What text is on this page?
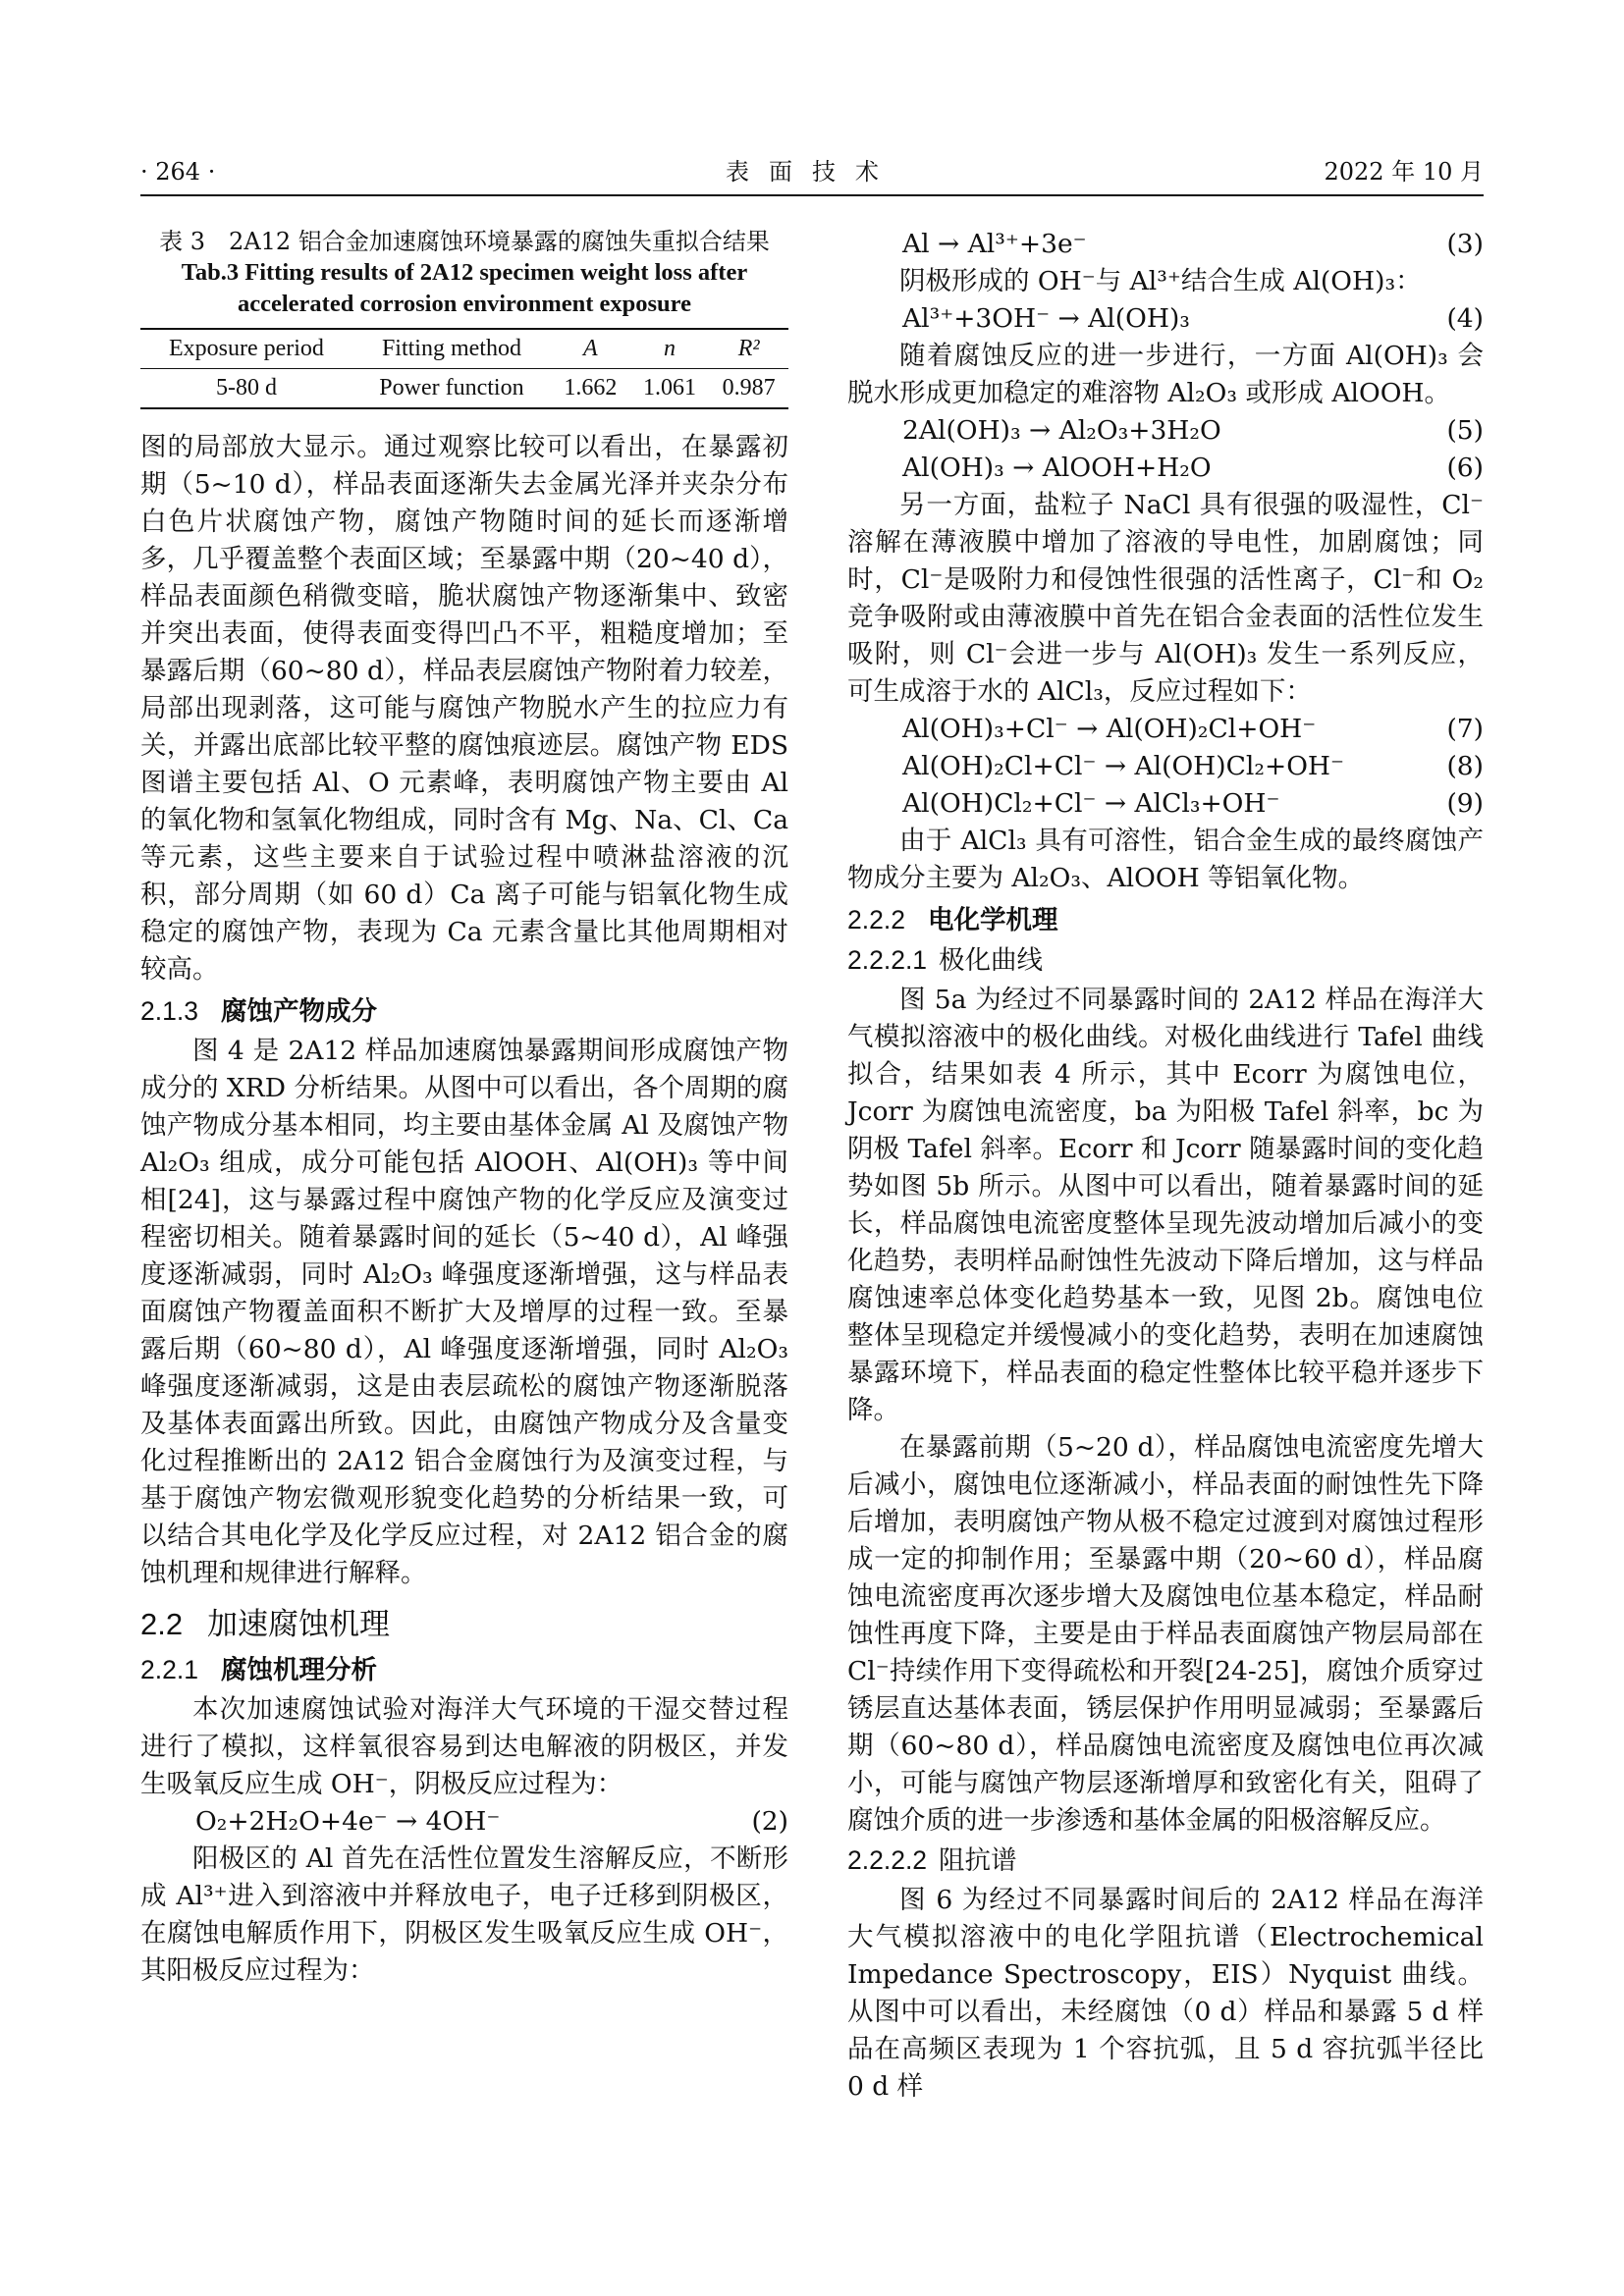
· 264 ·	表面技术	2022 年 10 月

表 3　2A12 铝合金加速腐蚀环境暴露的腐蚀失重拟合结果

Tab.3 Fitting results of 2A12 specimen weight loss after

accelerated corrosion environment exposure

Exposure period	Fitting method	A	n	R²
5-80 d	Power function	1.662	1.061	0.987

图的局部放大显示。通过观察比较可以看出，在暴露初期（5~10 d），样品表面逐渐失去金属光泽并夹杂分布白色片状腐蚀产物，腐蚀产物随时间的延长而逐渐增多，几乎覆盖整个表面区域；至暴露中期（20~40 d），样品表面颜色稍微变暗，脆状腐蚀产物逐渐集中、致密并突出表面，使得表面变得凹凸不平，粗糙度增加；至暴露后期（60~80 d），样品表层腐蚀产物附着力较差，局部出现剥落，这可能与腐蚀产物脱水产生的拉应力有关，并露出底部比较平整的腐蚀痕迹层。腐蚀产物 EDS 图谱主要包括 Al、O 元素峰，表明腐蚀产物主要由 Al 的氧化物和氢氧化物组成，同时含有 Mg、Na、Cl、Ca 等元素，这些主要来自于试验过程中喷淋盐溶液的沉积，部分周期（如 60 d）Ca 离子可能与铝氧化物生成稳定的腐蚀产物，表现为 Ca 元素含量比其他周期相对较高。

2.1.3 腐蚀产物成分

图 4 是 2A12 样品加速腐蚀暴露期间形成腐蚀产物成分的 XRD 分析结果。从图中可以看出，各个周期的腐蚀产物成分基本相同，均主要由基体金属 Al 及腐蚀产物 Al₂O₃ 组成，成分可能包括 AlOOH、Al(OH)₃ 等中间相[24]，这与暴露过程中腐蚀产物的化学反应及演变过程密切相关。随着暴露时间的延长（5~40 d），Al 峰强度逐渐减弱，同时 Al₂O₃ 峰强度逐渐增强，这与样品表面腐蚀产物覆盖面积不断扩大及增厚的过程一致。至暴露后期（60~80 d），Al 峰强度逐渐增强，同时 Al₂O₃ 峰强度逐渐减弱，这是由表层疏松的腐蚀产物逐渐脱落及基体表面露出所致。因此，由腐蚀产物成分及含量变化过程推断出的 2A12 铝合金腐蚀行为及演变过程，与基于腐蚀产物宏微观形貌变化趋势的分析结果一致，可以结合其电化学及化学反应过程，对 2A12 铝合金的腐蚀机理和规律进行解释。

2.2 加速腐蚀机理
2.2.1 腐蚀机理分析

本次加速腐蚀试验对海洋大气环境的干湿交替过程进行了模拟，这样氧很容易到达电解液的阴极区，并发生吸氧反应生成 OH⁻，阴极反应过程为：

O₂+2H₂O+4e⁻ → 4OH⁻	(2)

阳极区的 Al 首先在活性位置发生溶解反应，不断形成 Al³⁺进入到溶液中并释放电子，电子迁移到阴极区，在腐蚀电解质作用下，阴极区发生吸氧反应生成 OH⁻，其阳极反应过程为：

Al → Al³⁺+3e⁻	(3)

阴极形成的 OH⁻与 Al³⁺结合生成 Al(OH)₃：

Al³⁺+3OH⁻ → Al(OH)₃	(4)

随着腐蚀反应的进一步进行，一方面 Al(OH)₃ 会脱水形成更加稳定的难溶物 Al₂O₃ 或形成 AlOOH。

2Al(OH)₃ → Al₂O₃+3H₂O	(5)
Al(OH)₃ → AlOOH+H₂O	(6)

另一方面，盐粒子 NaCl 具有很强的吸湿性，Cl⁻溶解在薄液膜中增加了溶液的导电性，加剧腐蚀；同时，Cl⁻是吸附力和侵蚀性很强的活性离子，Cl⁻和 O₂ 竞争吸附或由薄液膜中首先在铝合金表面的活性位发生吸附，则 Cl⁻会进一步与 Al(OH)₃ 发生一系列反应，可生成溶于水的 AlCl₃，反应过程如下：

Al(OH)₃+Cl⁻ → Al(OH)₂Cl+OH⁻	(7)
Al(OH)₂Cl+Cl⁻ → Al(OH)Cl₂+OH⁻	(8)
Al(OH)Cl₂+Cl⁻ → AlCl₃+OH⁻	(9)

由于 AlCl₃ 具有可溶性，铝合金生成的最终腐蚀产物成分主要为 Al₂O₃、AlOOH 等铝氧化物。

2.2.2 电化学机理
2.2.2.1 极化曲线

图 5a 为经过不同暴露时间的 2A12 样品在海洋大气模拟溶液中的极化曲线。对极化曲线进行 Tafel 曲线拟合，结果如表 4 所示，其中 Ecorr 为腐蚀电位，Jcorr 为腐蚀电流密度，ba 为阳极 Tafel 斜率，bc 为阴极 Tafel 斜率。Ecorr 和 Jcorr 随暴露时间的变化趋势如图 5b 所示。从图中可以看出，随着暴露时间的延长，样品腐蚀电流密度整体呈现先波动增加后减小的变化趋势，表明样品耐蚀性先波动下降后增加，这与样品腐蚀速率总体变化趋势基本一致，见图 2b。腐蚀电位整体呈现稳定并缓慢减小的变化趋势，表明在加速腐蚀暴露环境下，样品表面的稳定性整体比较平稳并逐步下降。

在暴露前期（5~20 d），样品腐蚀电流密度先增大后减小，腐蚀电位逐渐减小，样品表面的耐蚀性先下降后增加，表明腐蚀产物从极不稳定过渡到对腐蚀过程形成一定的抑制作用；至暴露中期（20~60 d），样品腐蚀电流密度再次逐步增大及腐蚀电位基本稳定，样品耐蚀性再度下降，主要是由于样品表面腐蚀产物层局部在 Cl⁻持续作用下变得疏松和开裂[24-25]，腐蚀介质穿过锈层直达基体表面，锈层保护作用明显减弱；至暴露后期（60~80 d），样品腐蚀电流密度及腐蚀电位再次减小，可能与腐蚀产物层逐渐增厚和致密化有关，阻碍了腐蚀介质的进一步渗透和基体金属的阳极溶解反应。

2.2.2.2 阻抗谱

图 6 为经过不同暴露时间后的 2A12 样品在海洋大气模拟溶液中的电化学阻抗谱（Electrochemical Impedance Spectroscopy，EIS）Nyquist 曲线。从图中可以看出，未经腐蚀（0 d）样品和暴露 5 d 样品在高频区表现为 1 个容抗弧，且 5 d 容抗弧半径比 0 d 样
